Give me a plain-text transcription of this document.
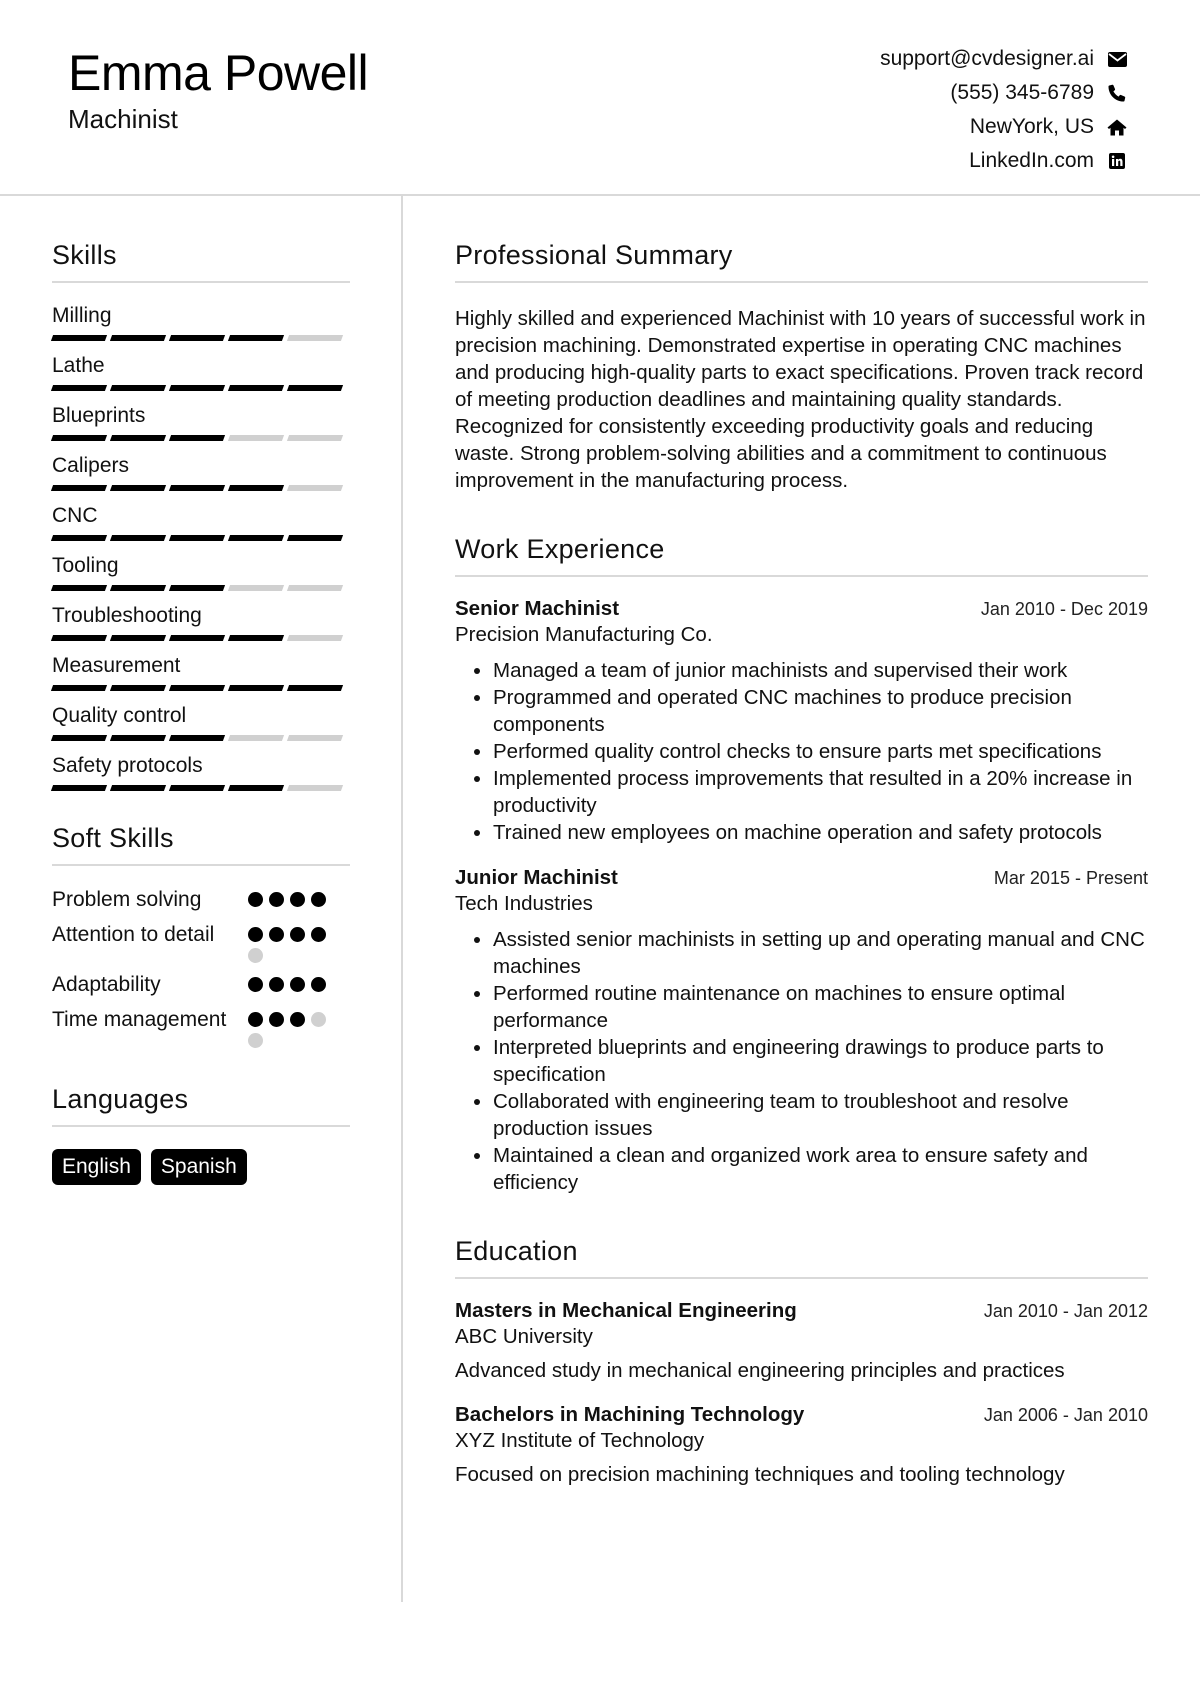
Emma Powell
Machinist
support@cvdesigner.ai
(555) 345-6789
NewYork, US
LinkedIn.com
Skills
Milling
Lathe
Blueprints
Calipers
CNC
Tooling
Troubleshooting
Measurement
Quality control
Safety protocols
Soft Skills
Problem solving
Attention to detail
Adaptability
Time management
Languages
English	Spanish
Professional Summary
Highly skilled and experienced Machinist with 10 years of successful work in precision machining. Demonstrated expertise in operating CNC machines and producing high-quality parts to exact specifications. Proven track record of meeting production deadlines and maintaining quality standards. Recognized for consistently exceeding productivity goals and reducing waste. Strong problem-solving abilities and a commitment to continuous improvement in the manufacturing process.
Work Experience
Senior Machinist	Jan 2010 - Dec 2019
Precision Manufacturing Co.
• Managed a team of junior machinists and supervised their work
• Programmed and operated CNC machines to produce precision components
• Performed quality control checks to ensure parts met specifications
• Implemented process improvements that resulted in a 20% increase in productivity
• Trained new employees on machine operation and safety protocols
Junior Machinist	Mar 2015 - Present
Tech Industries
• Assisted senior machinists in setting up and operating manual and CNC machines
• Performed routine maintenance on machines to ensure optimal performance
• Interpreted blueprints and engineering drawings to produce parts to specification
• Collaborated with engineering team to troubleshoot and resolve production issues
• Maintained a clean and organized work area to ensure safety and efficiency
Education
Masters in Mechanical Engineering	Jan 2010 - Jan 2012
ABC University
Advanced study in mechanical engineering principles and practices
Bachelors in Machining Technology	Jan 2006 - Jan 2010
XYZ Institute of Technology
Focused on precision machining techniques and tooling technology
